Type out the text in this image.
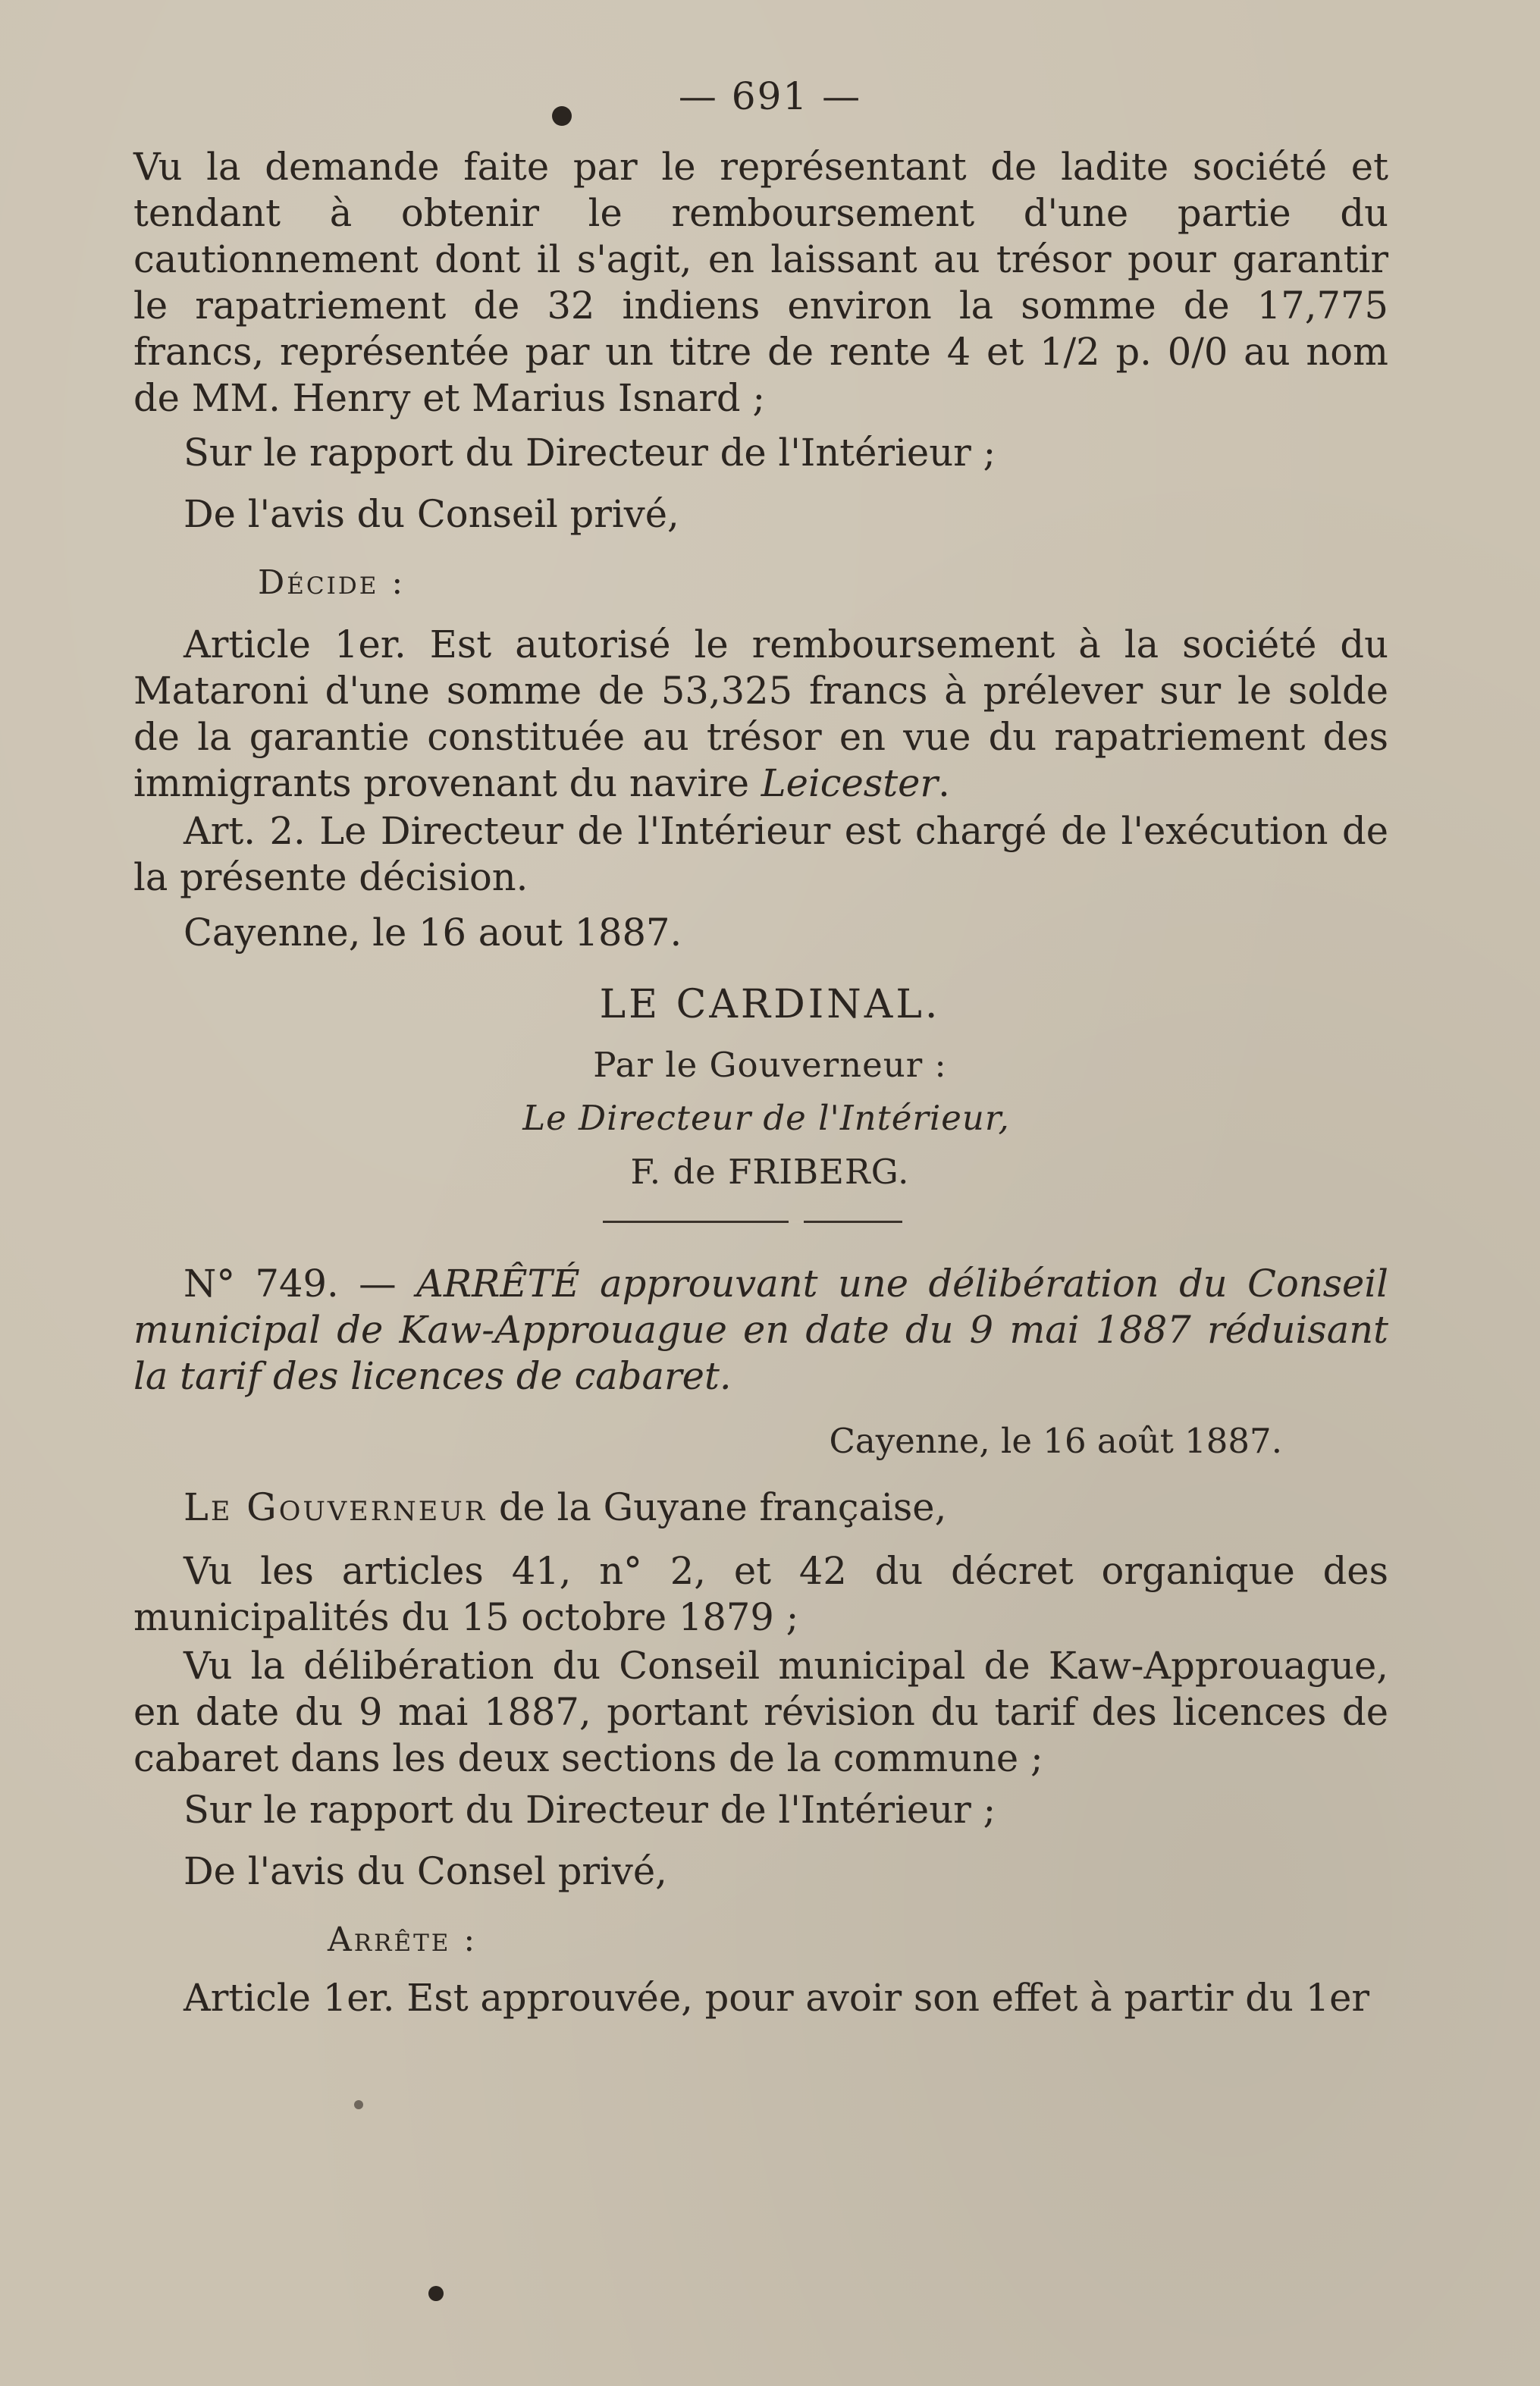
— 691 —

Vu la demande faite par le représentant de ladite société et tendant à obtenir le remboursement d'une partie du cautionnement dont il s'agit, en laissant au trésor pour garantir le rapatriement de 32 indiens environ la somme de 17,775 francs, représentée par un titre de rente 4 et 1/2 p. 0/0 au nom de MM. Henry et Marius Isnard ;

Sur le rapport du Directeur de l'Intérieur ;

De l'avis du Conseil privé,

Décide :

Article 1er. Est autorisé le remboursement à la société du Mataroni d'une somme de 53,325 francs à prélever sur le solde de la garantie constituée au trésor en vue du rapatriement des immigrants provenant du navire Leicester.

Art. 2. Le Directeur de l'Intérieur est chargé de l'exécution de la présente décision.

Cayenne, le 16 aout 1887.

LE CARDINAL.
Par le Gouverneur :
Le Directeur de l'Intérieur,
F. de FRIBERG.

N° 749. — ARRÊTÉ approuvant une délibération du Conseil municipal de Kaw-Approuague en date du 9 mai 1887 réduisant la tarif des licences de cabaret.

Cayenne, le 16 août 1887.

Le Gouverneur de la Guyane française,

Vu les articles 41, n° 2, et 42 du décret organique des municipalités du 15 octobre 1879 ;

Vu la délibération du Conseil municipal de Kaw-Approuague, en date du 9 mai 1887, portant révision du tarif des licences de cabaret dans les deux sections de la commune ;

Sur le rapport du Directeur de l'Intérieur ;

De l'avis du Consel privé,

Arrête :

Article 1er. Est approuvée, pour avoir son effet à partir du 1er
